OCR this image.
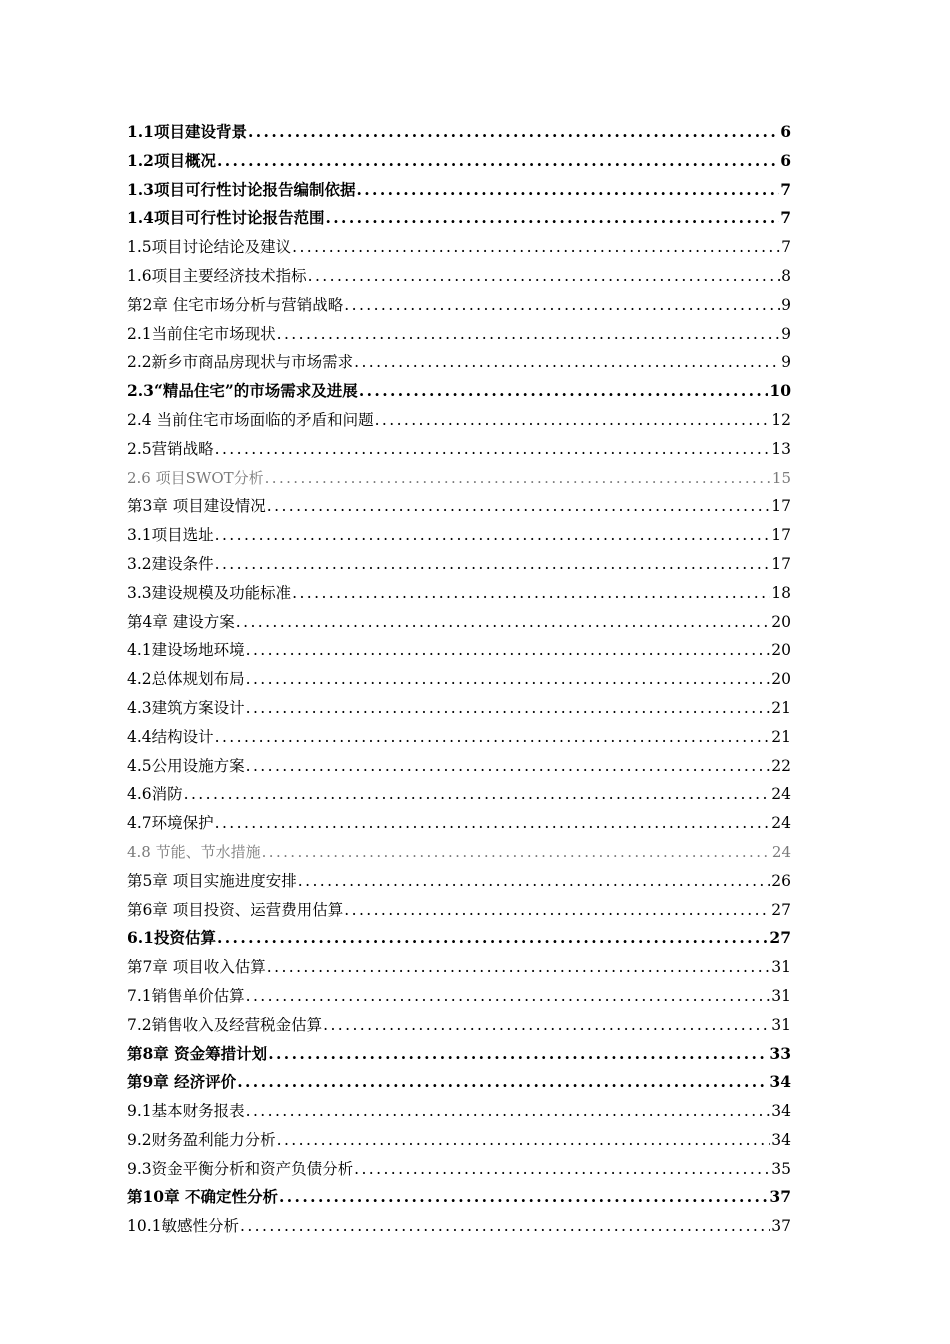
1.1项目建设背景 .....	6
1.2项目概况 .....	6
1.3项目可行性讨论报告编制依据 .....	7
1.4项目可行性讨论报告范围 .....	7
1.5项目讨论结论及建议 .....	7
1.6项目主要经济技术指标 .....	8
第2章 住宅市场分析与营销战略 .....	9
2.1当前住宅市场现状 .....	9
2.2新乡市商品房现状与市场需求 .....	9
2.3“精品住宅”的市场需求及进展 .....	10
2.4 当前住宅市场面临的矛盾和问题 .....	12
2.5营销战略 .....	13
2.6 项目SWOT分析 .....	15
第3章 项目建设情况 .....	17
3.1项目选址 .....	17
3.2建设条件 .....	17
3.3建设规模及功能标准 .....	18
第4章 建设方案 .....	20
4.1建设场地环境 .....	20
4.2总体规划布局 .....	20
4.3建筑方案设计 .....	21
4.4结构设计 .....	21
4.5公用设施方案 .....	22
4.6消防 .....	24
4.7环境保护 .....	24
4.8 节能、节水措施 .....	24
第5章 项目实施进度安排 .....	26
第6章 项目投资、运营费用估算 .....	27
6.1投资估算 .....	27
第7章 项目收入估算 .....	31
7.1销售单价估算 .....	31
7.2销售收入及经营税金估算 .....	31
第8章 资金筹措计划 .....	33
第9章 经济评价 .....	34
9.1基本财务报表 .....	34
9.2财务盈利能力分析 .....	34
9.3资金平衡分析和资产负债分析 .....	35
第10章 不确定性分析 .....	37
10.1敏感性分析 .....	37
